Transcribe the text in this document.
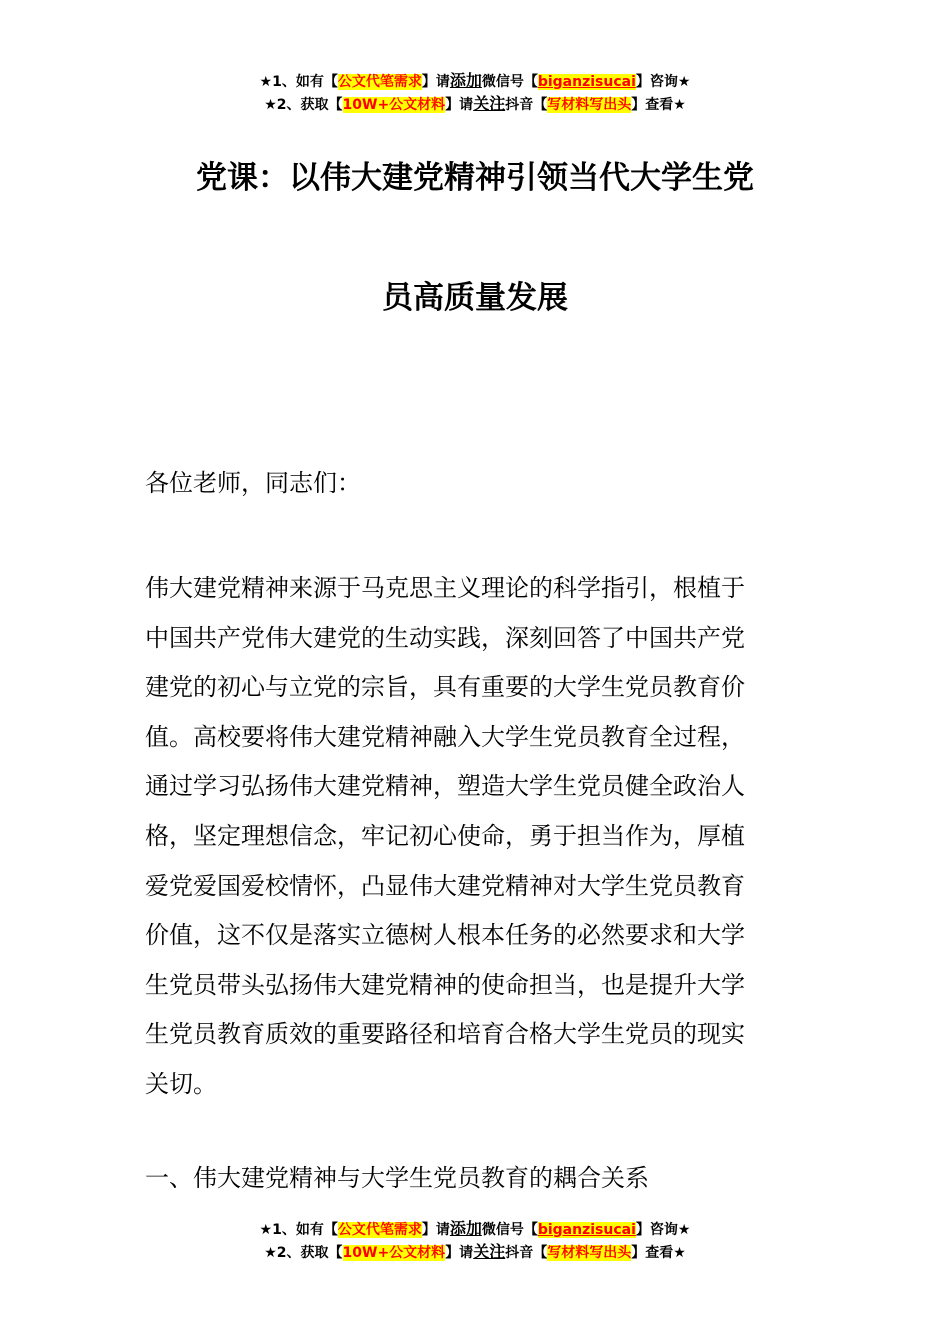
★1、如有【公文代笔需求】请添加微信号【biganzisucai】咨询★
★2、获取【10W+公文材料】请关注抖音【写材料写出头】查看★
党课：以伟大建党精神引领当代大学生党
员高质量发展
各位老师，同志们：
伟大建党精神来源于马克思主义理论的科学指引，根植于
中国共产党伟大建党的生动实践，深刻回答了中国共产党
建党的初心与立党的宗旨，具有重要的大学生党员教育价
值。高校要将伟大建党精神融入大学生党员教育全过程，
通过学习弘扬伟大建党精神，塑造大学生党员健全政治人
格，坚定理想信念，牢记初心使命，勇于担当作为，厚植
爱党爱国爱校情怀，凸显伟大建党精神对大学生党员教育
价值，这不仅是落实立德树人根本任务的必然要求和大学
生党员带头弘扬伟大建党精神的使命担当，也是提升大学
生党员教育质效的重要路径和培育合格大学生党员的现实
关切。
一、伟大建党精神与大学生党员教育的耦合关系
★1、如有【公文代笔需求】请添加微信号【biganzisucai】咨询★
★2、获取【10W+公文材料】请关注抖音【写材料写出头】查看★
